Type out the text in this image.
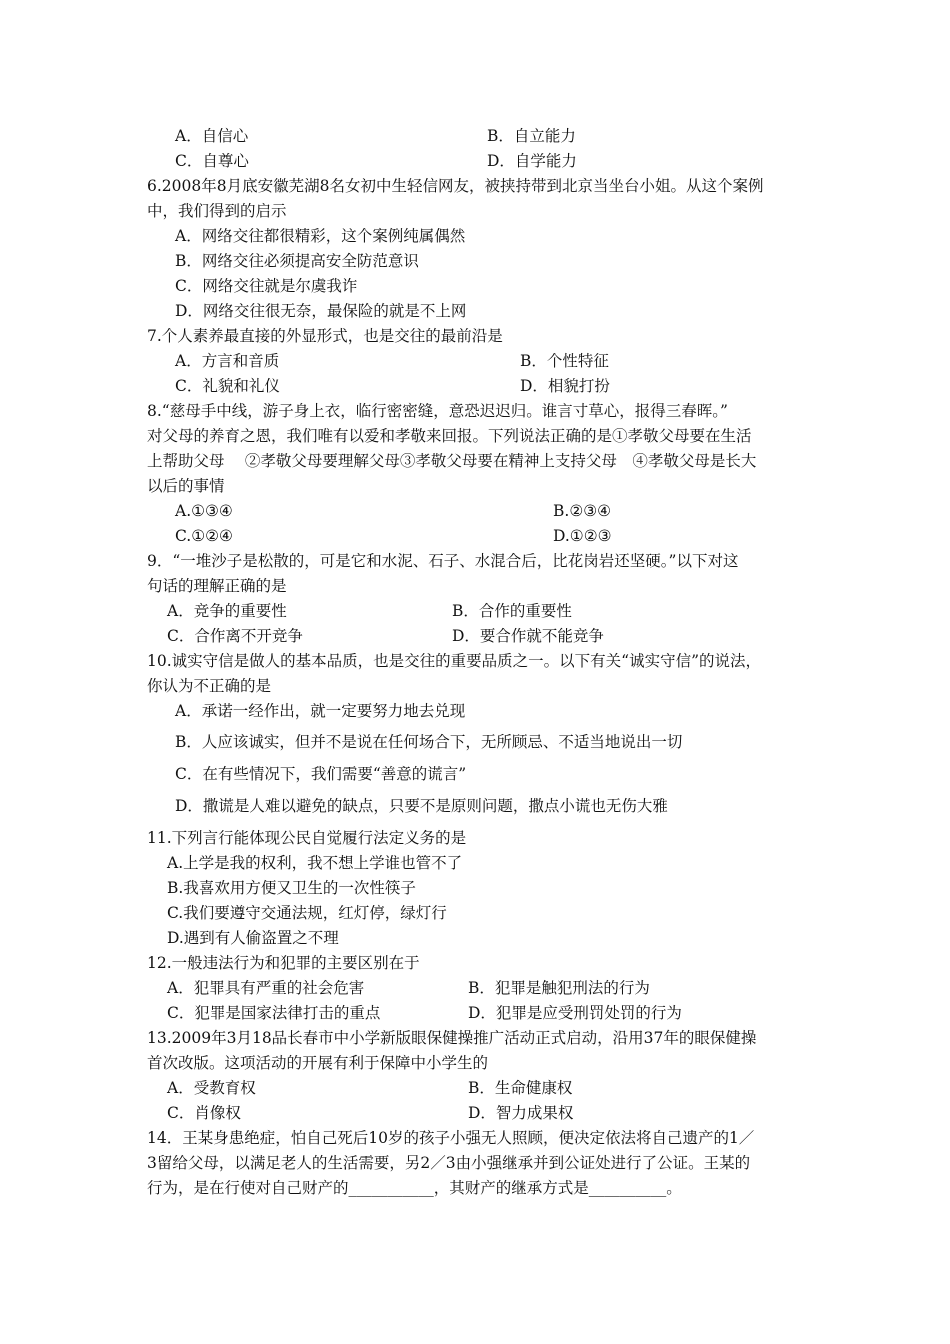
A．自信心	B．自立能力
C．自尊心	D．自学能力
6.2008年8月底安徽芜湖8名女初中生轻信网友，被挟持带到北京当坐台小姐。从这个案例
中，我们得到的启示
A．网络交往都很精彩，这个案例纯属偶然
B．网络交往必须提高安全防范意识
C．网络交往就是尔虞我诈
D．网络交往很无奈，最保险的就是不上网
7.个人素养最直接的外显形式，也是交往的最前沿是
A．方言和音质	B．个性特征
C．礼貌和礼仪	D．相貌打扮
8.“慈母手中线，游子身上衣，临行密密缝，意恐迟迟归。谁言寸草心，报得三春晖。”
对父母的养育之恩，我们唯有以爱和孝敬来回报。下列说法正确的是①孝敬父母要在生活
上帮助父母　 ②孝敬父母要理解父母③孝敬父母要在精神上支持父母　④孝敬父母是长大
以后的事情
A.①③④	B.②③④
C.①②④	D.①②③
9．“一堆沙子是松散的，可是它和水泥、石子、水混合后，比花岗岩还坚硬。”以下对这
句话的理解正确的是
A．竞争的重要性	B．合作的重要性
C．合作离不开竞争	D．要合作就不能竞争
10.诚实守信是做人的基本品质，也是交往的重要品质之一。以下有关“诚实守信”的说法，
你认为不正确的是
A．承诺一经作出，就一定要努力地去兑现
B．人应该诚实，但并不是说在任何场合下，无所顾忌、不适当地说出一切
C．在有些情况下，我们需要“善意的谎言”
D．撒谎是人难以避免的缺点，只要不是原则问题，撒点小谎也无伤大雅
11.下列言行能体现公民自觉履行法定义务的是
A.上学是我的权利，我不想上学谁也管不了
B.我喜欢用方便又卫生的一次性筷子
C.我们要遵守交通法规，红灯停，绿灯行
D.遇到有人偷盗置之不理
12.一般违法行为和犯罪的主要区别在于
A．犯罪具有严重的社会危害	B．犯罪是触犯刑法的行为
C．犯罪是国家法律打击的重点	D．犯罪是应受刑罚处罚的行为
13.2009年3月18品长春市中小学新版眼保健操推广活动正式启动，沿用37年的眼保健操
首次改版。这项活动的开展有利于保障中小学生的
A．受教育权	B．生命健康权
C．肖像权	D．智力成果权
14．王某身患绝症，怕自己死后10岁的孩子小强无人照顾，便决定依法将自己遗产的1／
3留给父母，以满足老人的生活需要，另2／3由小强继承并到公证处进行了公证。王某的
行为，是在行使对自己财产的___________，其财产的继承方式是__________。
